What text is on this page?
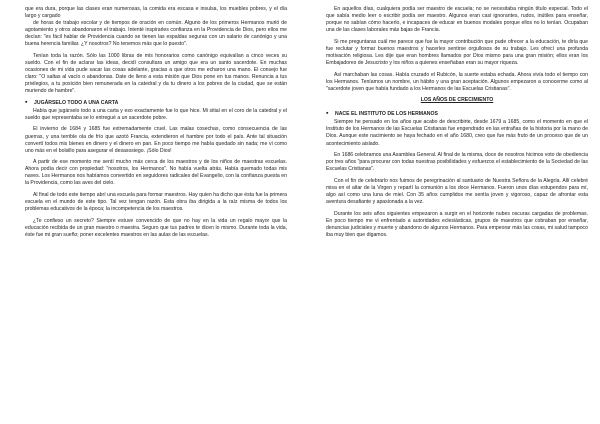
que era dura, porque las clases eran numerosas, la comida era escasa e insulsa, los muebles pobres, y el día largo y cargado

de horas de trabajo escolar y de tiempos de oración en común. Alguno de los primeros Hermanos murió de agotamiento y otros abandonaron el trabajo. Intenté inspirarles confianza en la Providencia de Dios, pero ellos me decían: "es fácil hablar de Providencia cuando se tienen las espaldas seguras con un salario de canónigo y una buena herencia familiar. ¿Y nosotros? No tenemos más que lo puesto".

Tenían toda la razón. Sólo las 1000 libras de mis honorarios como canónigo equivalían a cinco veces su sueldo. Con el fin de aclarar las ideas, decidí consultara un amigo que era un santo sacerdote. En muchas ocasiones de mi vida pude sacar las cosas adelante, gracias a que otros me echaron una mano. El consejo fue claro: "O saltas al vacío o abandonas. Date de lleno a esta misión que Dios pone en tus manos. Renuncia a tus privilegios, a tu posición bien remunerada en la catedral y da tu dinero a los pobres de la ciudad, que se están muriendo de hambre".

▪ JUGÁRSELO TODO A UNA CARTA

Había que jugárselo todo a una carta y eso exactamente fue lo que hice. Mi sitial en el coro de la catedral y el sueldo que representaba se lo entregué a un sacerdote pobre.

El invierno de 1684 y 1685 fue extremadamente cruel. Las malas cosechas, como consecuencia de las guerras, y una terrible ola de frío que azotó Francia, extendieron el hambre por todo el país. Ante tal situación convertí todos mis bienes en dinero y el dinero en pan. En poco tiempo me había quedado sin nada; me vi como uno más en el bolsillo para asegurar el desasosiego. ¡Sólo Dios!

A partir de ese momento me sentí mucho más cerca de los maestros y de los niños de maestras escuelas. Ahora podía decir con propiedad: "nosotros, los Hermanos". No había vuelta atrás. Había quemado todas mis naves. Los Hermanos nos habíamos convertido en seguidores radicales del Evangelio, con la confianza puesta en la Providencia, como las aves del cielo.

Al final de todo este tiempo abrí una escuela para formar maestros. Hay quien ha dicho que ésta fue la primera escuela en el mundo de este tipo. Tal vez tengan razón. Esta obra iba dirigida a la raíz misma de todos los problemas educativos de la época; la incompetencia de los maestros.

¿Te confieso un secreto? Siempre estuve convencido de que no hay en la vida un regalo mayor que la educación recibida de un gran maestro o maestra. Seguro que tus padres te dicen lo mismo. Durante toda la vida, éste fue mi gran sueño; poner excelentes maestros en las aulas de las escuelas.

En aquellos días, cualquiera podía ser maestro de escuela; no se necesitaba ningún título especial. Todo el que sabía medio leer o escribir podía ser maestro. Algunos eran casi ignorantes, rudos, inútiles para enseñar, porque no sabían cómo hacerlo, e incapaces de educar en buenos modales porque ellos no lo tenían. Ocupaban una de las clases laborales más bajas de Francia.

Si me preguntaras cuál me parece que fue la mayor contribución que pude ofrecer a la educación, te diría que fue reclutar y formar buenos maestros y hacerles sentirse orgullosos de su trabajo. Les ofrecí una profunda motivación religiosa. Les dije que eran hombres llamados por Dios mismo para una gran misión; ellos eran los Embajadores de Jesucristo y los niños a quienes enseñaban eran su mayor riqueza.

Así marchaban las cosas. Había cruzado el Rubicón, la suerte estaba echada. Ahora vivía todo el tiempo con los Hermanos. Teníamos un nombre, un hábito y una gran aceptación. Algunos empezaron a conocerme como al "sacerdote joven que había fundado a los Hermanos de las Escuelas Cristianas".

LOS AÑOS DE CRECIMIENTO
▪ NACE EL INSTITUTO DE LOS HERMANOS

Siempre he pensado en los años que acabo de describirte, desde 1679 a 1685, como el momento en que el Instituto de los Hermanos de las Escuelas Cristianas fue engendrado en las entrañas de la historia por la mano de Dios. Aunque este nacimiento se haya fechado en el año 1680, creo que fue más fruto de un proceso que de un acontecimiento aislado.

En 1686 celebramos una Asamblea General. Al final de la misma, doce de nosotros hicimos voto de obediencia por tres años "para procurar con todas nuestras posibilidades y esfuerzos el establecimiento de la Sociedad de las Escuelas Cristianas".

Con el fin de celebrarlo nos fuimos de peregrinación al santuario de Nuestra Señora de la Alegría. Allí celebré misa en el altar de la Virgen y repartí la comunión a los doce Hermanos. Fueron unos días estupendos para mí, algo así como una luna de miel. Con 35 años cumplidos me sentía joven y vigoroso, capaz de afrontar esta aventura desafiante y apasionada a la vez.

Durante los seis años siguientes empezaron a surgir en el horizonte nubes oscuras cargadas de problemas. En poco tiempo me vi enfrentado a autoridades eclesiásticas, grupos de maestros que cobraban por enseñar, denuncias judiciales y muerte y abandono de algunos Hermanos. Para empeorar más las cosas, mi salud tampoco iba muy bien que digamos.
